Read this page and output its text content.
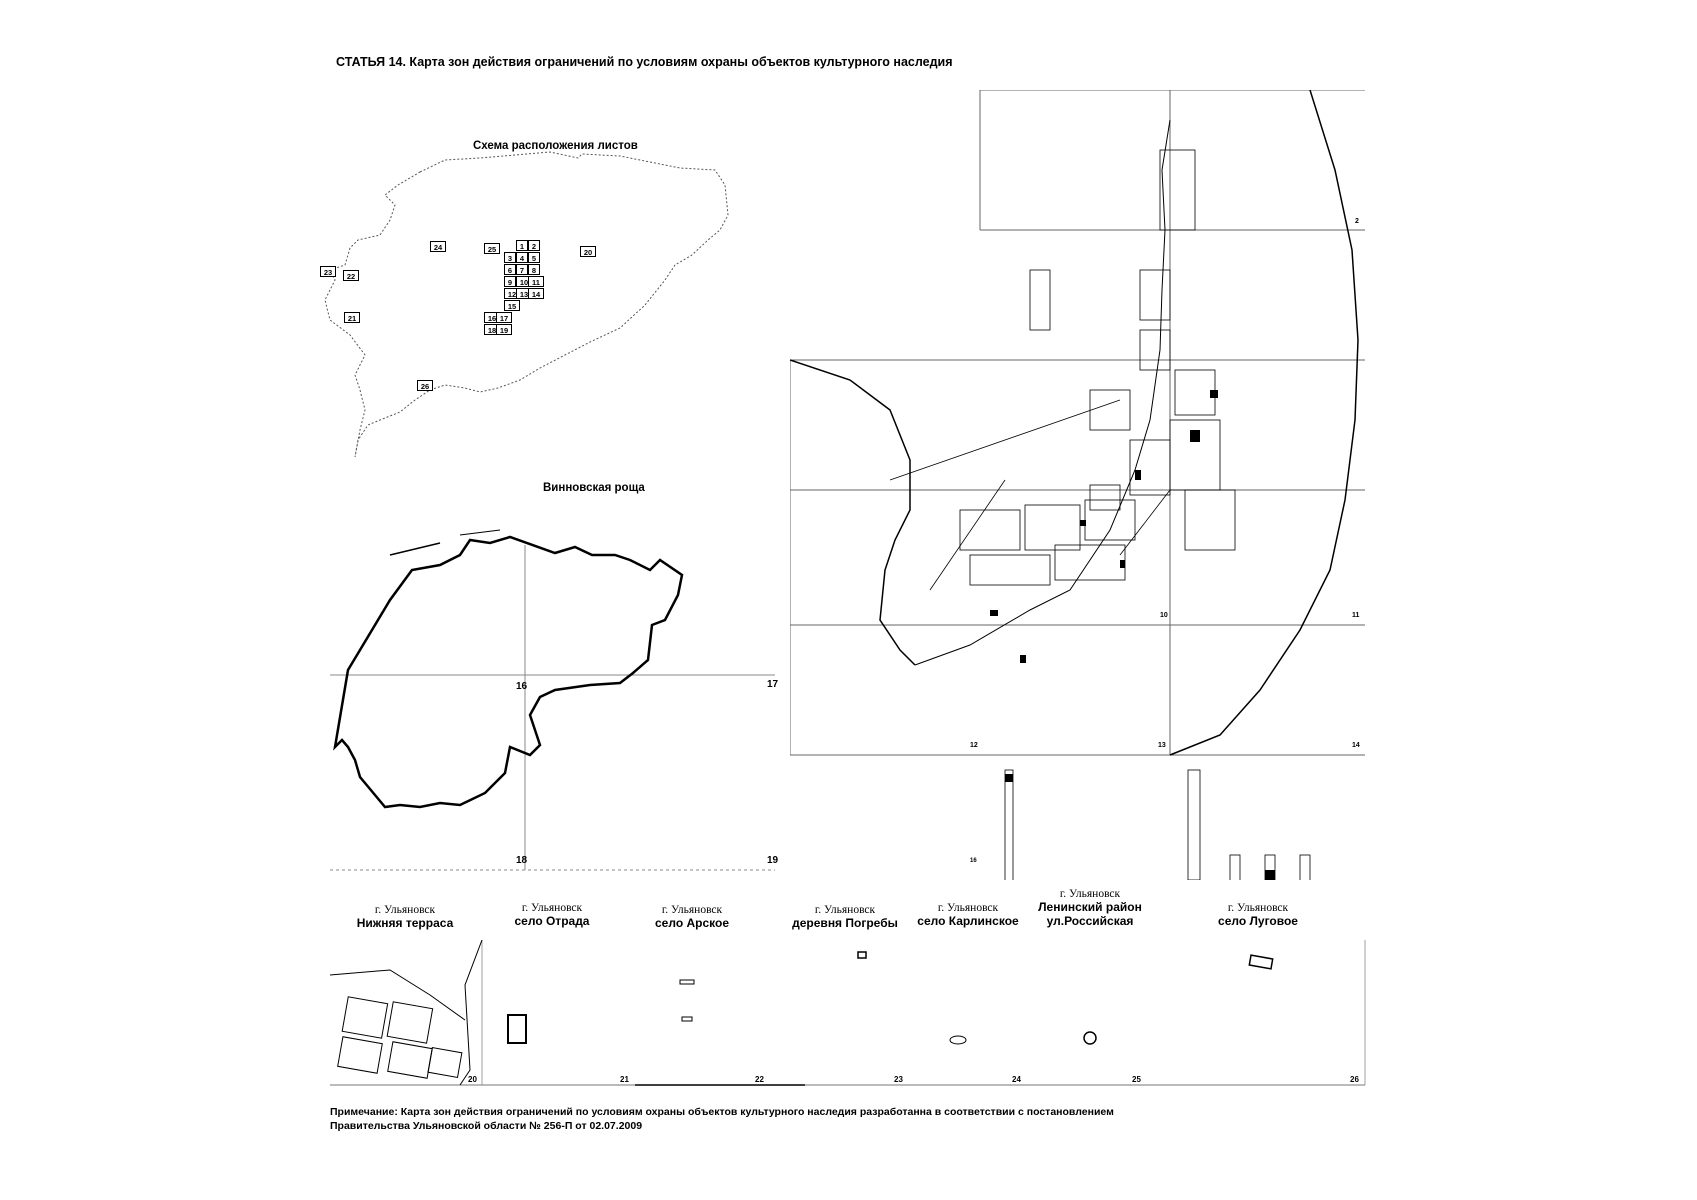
СТАТЬЯ 14. Карта зон действия ограничений по условиям охраны объектов культурного наследия
Схема расположения листов
1	2
3	4	5
6	7	8
9	10 11
12 13 14
15
16 17
18 19
20
21
22
23
24	25
26
Винновская роща
16	17
18	19
2
12	13	14
11
10
16
г. Ульяновск
Нижняя терраса
г. Ульяновск
село Отрада
г. Ульяновск
село Арское
г. Ульяновск
деревня Погребы
г. Ульяновск
село Карлинское
г. Ульяновск
Ленинский район
ул.Российская
г. Ульяновск
село Луговое
20	21	22	23	24	25	26
Примечание: Карта зон действия ограничений по условиям охраны объектов культурного наследия разработанна в соответствии с постановлением
Правительства Ульяновской области № 256-П от 02.07.2009
